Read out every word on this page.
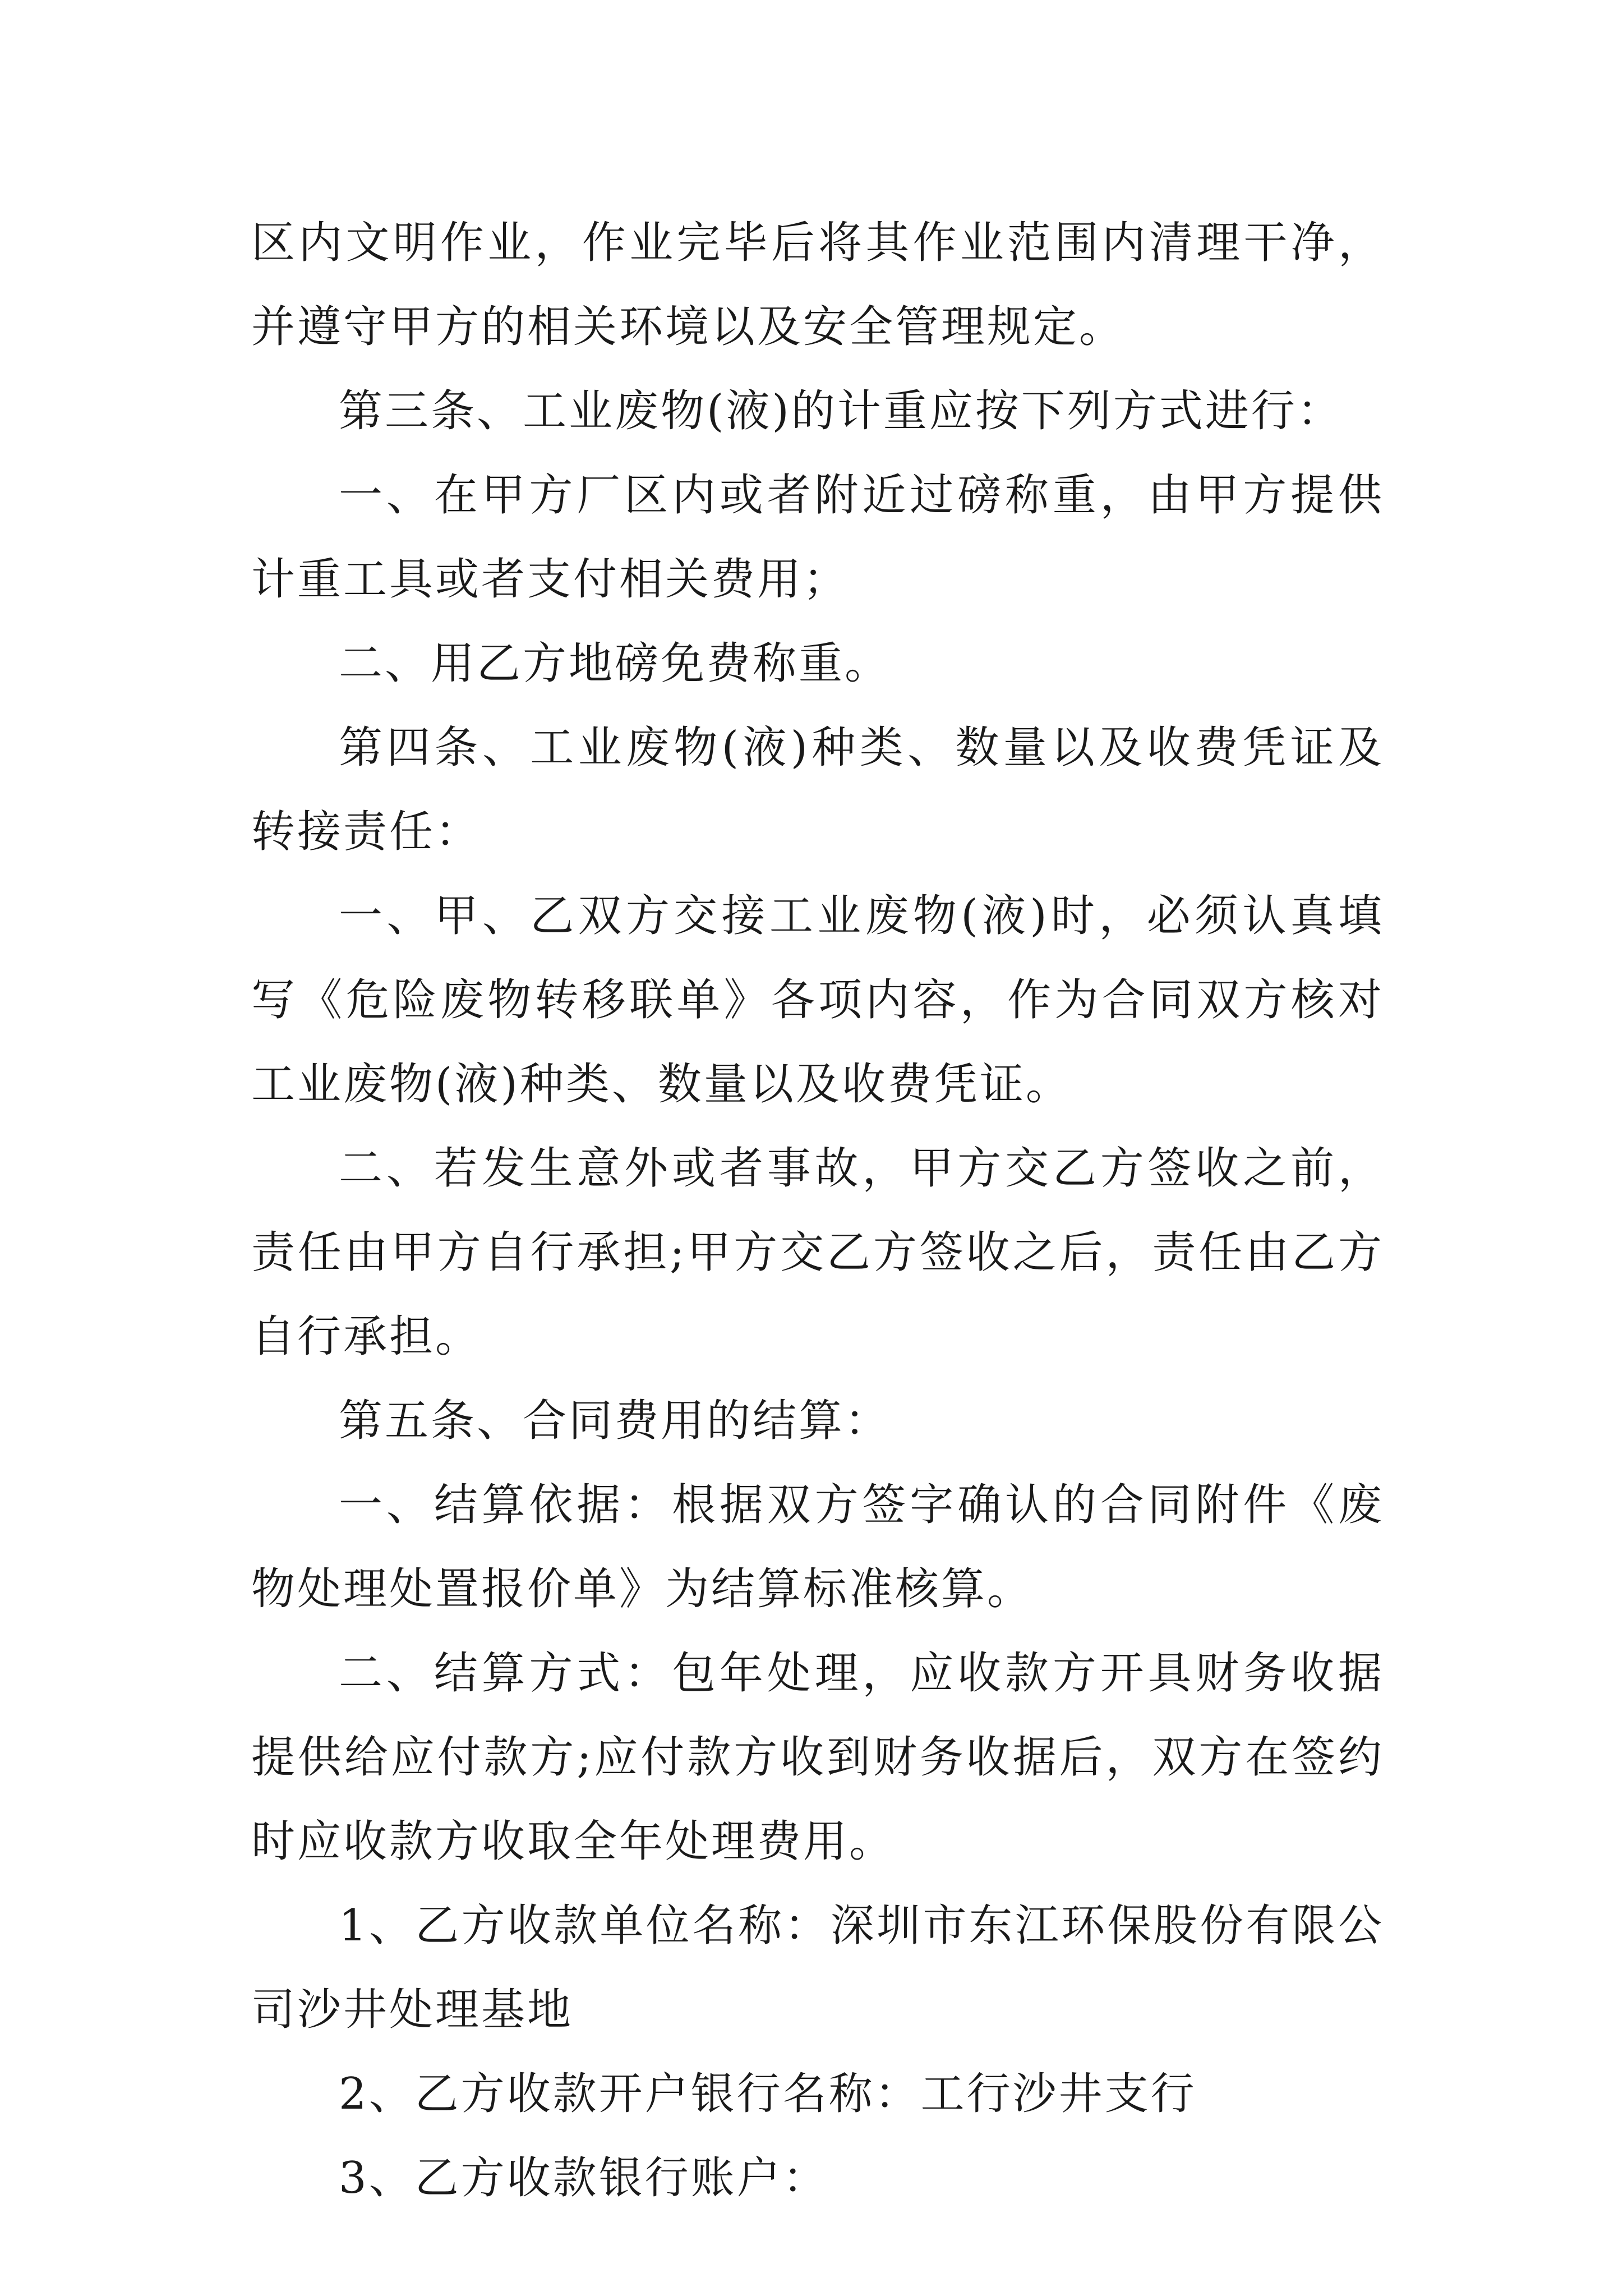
区内文明作业，作业完毕后将其作业范围内清理干净，并遵守甲方的相关环境以及安全管理规定。

第三条、工业废物(液)的计重应按下列方式进行：

一、在甲方厂区内或者附近过磅称重，由甲方提供计重工具或者支付相关费用；

二、用乙方地磅免费称重。

第四条、工业废物(液)种类、数量以及收费凭证及转接责任：

一、甲、乙双方交接工业废物(液)时，必须认真填写《危险废物转移联单》各项内容，作为合同双方核对工业废物(液)种类、数量以及收费凭证。

二、若发生意外或者事故，甲方交乙方签收之前，责任由甲方自行承担;甲方交乙方签收之后，责任由乙方自行承担。

第五条、合同费用的结算：

一、结算依据：根据双方签字确认的合同附件《废物处理处置报价单》为结算标准核算。

二、结算方式：包年处理，应收款方开具财务收据提供给应付款方;应付款方收到财务收据后，双方在签约时应收款方收取全年处理费用。

1、乙方收款单位名称：深圳市东江环保股份有限公司沙井处理基地

2、乙方收款开户银行名称：工行沙井支行

3、乙方收款银行账户：
